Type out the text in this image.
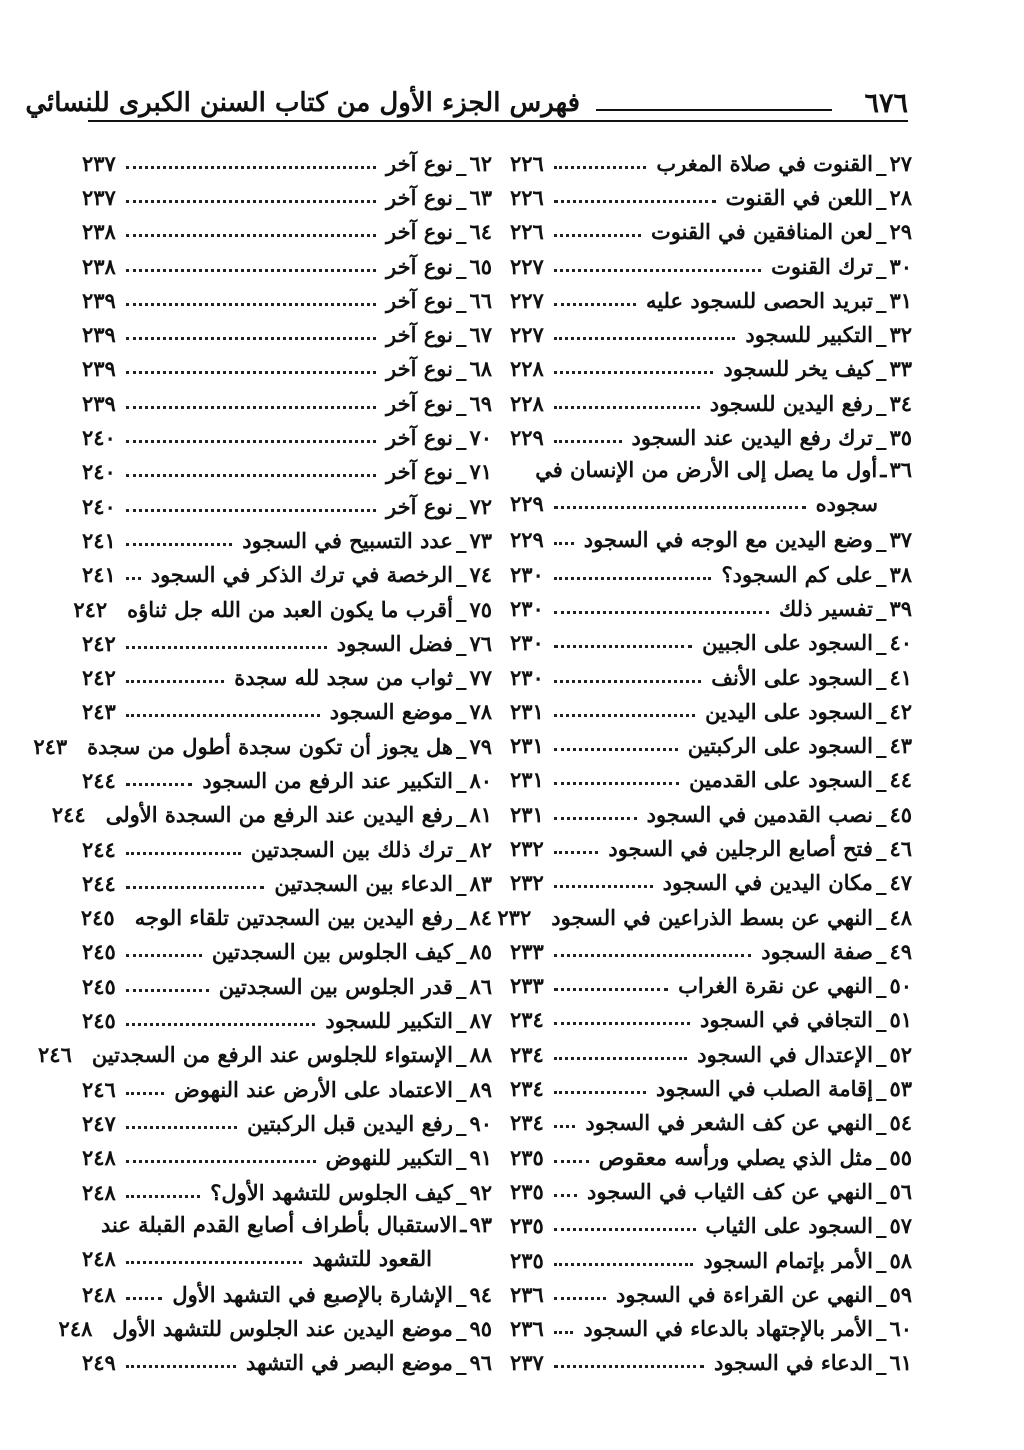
٦٧٦
فهرس الجزء الأول من كتاب السنن الكبرى للنسائي
٢٧
_
القنوت في صلاة المغرب
٢٢٦
٢٨
_
اللعن في القنوت
٢٢٦
٢٩
_
لعن المنافقين في القنوت
٢٢٦
٣٠
_
ترك القنوت
٢٢٧
٣١
_
تبريد الحصى للسجود عليه
٢٢٧
٣٢
_
التكبير للسجود
٢٢٧
٣٣
_
كيف يخر للسجود
٢٢٨
٣٤
_
رفع اليدين للسجود
٢٢٨
٣٥
_
ترك رفع اليدين عند السجود
٢٢٩
٣٦
ـ
أول ما يصل إلى الأرض من الإنسان في
سجوده
٢٢٩
٣٧
_
وضع اليدين مع الوجه في السجود
٢٢٩
٣٨
_
على كم السجود؟
٢٣٠
٣٩
_
تفسير ذلك
٢٣٠
٤٠
_
السجود على الجبين
٢٣٠
٤١
_
السجود على الأنف
٢٣٠
٤٢
_
السجود على اليدين
٢٣١
٤٣
_
السجود على الركبتين
٢٣١
٤٤
_
السجود على القدمين
٢٣١
٤٥
_
نصب القدمين في السجود
٢٣١
٤٦
_
فتح أصابع الرجلين في السجود
٢٣٢
٤٧
_
مكان اليدين في السجود
٢٣٢
٤٨
_
النهي عن بسط الذراعين في السجود
٢٣٢
٤٩
_
صفة السجود
٢٣٣
٥٠
_
النهي عن نقرة الغراب
٢٣٣
٥١
_
التجافي في السجود
٢٣٤
٥٢
_
الإعتدال في السجود
٢٣٤
٥٣
_
إقامة الصلب في السجود
٢٣٤
٥٤
_
النهي عن كف الشعر في السجود
٢٣٤
٥٥
_
مثل الذي يصلي ورأسه معقوص
٢٣٥
٥٦
_
النهي عن كف الثياب في السجود
٢٣٥
٥٧
_
السجود على الثياب
٢٣٥
٥٨
_
الأمر بإتمام السجود
٢٣٥
٥٩
_
النهي عن القراءة في السجود
٢٣٦
٦٠
_
الأمر بالإجتهاد بالدعاء في السجود
٢٣٦
٦١
_
الدعاء في السجود
٢٣٧
٦٢
_
نوع آخر
٢٣٧
٦٣
_
نوع آخر
٢٣٧
٦٤
_
نوع آخر
٢٣٨
٦٥
_
نوع آخر
٢٣٨
٦٦
_
نوع آخر
٢٣٩
٦٧
_
نوع آخر
٢٣٩
٦٨
_
نوع آخر
٢٣٩
٦٩
_
نوع آخر
٢٣٩
٧٠
_
نوع آخر
٢٤٠
٧١
_
نوع آخر
٢٤٠
٧٢
_
نوع آخر
٢٤٠
٧٣
_
عدد التسبيح في السجود
٢٤١
٧٤
_
الرخصة في ترك الذكر في السجود
٢٤١
٧٥
_
أقرب ما يكون العبد من الله جل ثناؤه
٢٤٢
٧٦
_
فضل السجود
٢٤٢
٧٧
_
ثواب من سجد لله سجدة
٢٤٢
٧٨
_
موضع السجود
٢٤٣
٧٩
_
هل يجوز أن تكون سجدة أطول من سجدة
٢٤٣
٨٠
_
التكبير عند الرفع من السجود
٢٤٤
٨١
_
رفع اليدين عند الرفع من السجدة الأولى
٢٤٤
٨٢
_
ترك ذلك بين السجدتين
٢٤٤
٨٣
_
الدعاء بين السجدتين
٢٤٤
٨٤
_
رفع اليدين بين السجدتين تلقاء الوجه
٢٤٥
٨٥
_
كيف الجلوس بين السجدتين
٢٤٥
٨٦
_
قدر الجلوس بين السجدتين
٢٤٥
٨٧
_
التكبير للسجود
٢٤٥
٨٨
_
الإستواء للجلوس عند الرفع من السجدتين
٢٤٦
٨٩
_
الاعتماد على الأرض عند النهوض
٢٤٦
٩٠
_
رفع اليدين قبل الركبتين
٢٤٧
٩١
_
التكبير للنهوض
٢٤٨
٩٢
_
كيف الجلوس للتشهد الأول؟
٢٤٨
٩٣
ـ
الاستقبال بأطراف أصابع القدم القبلة عند
القعود للتشهد
٢٤٨
٩٤
_
الإشارة بالإصبع في التشهد الأول
٢٤٨
٩٥
_
موضع اليدين عند الجلوس للتشهد الأول
٢٤٨
٩٦
_
موضع البصر في التشهد
٢٤٩
